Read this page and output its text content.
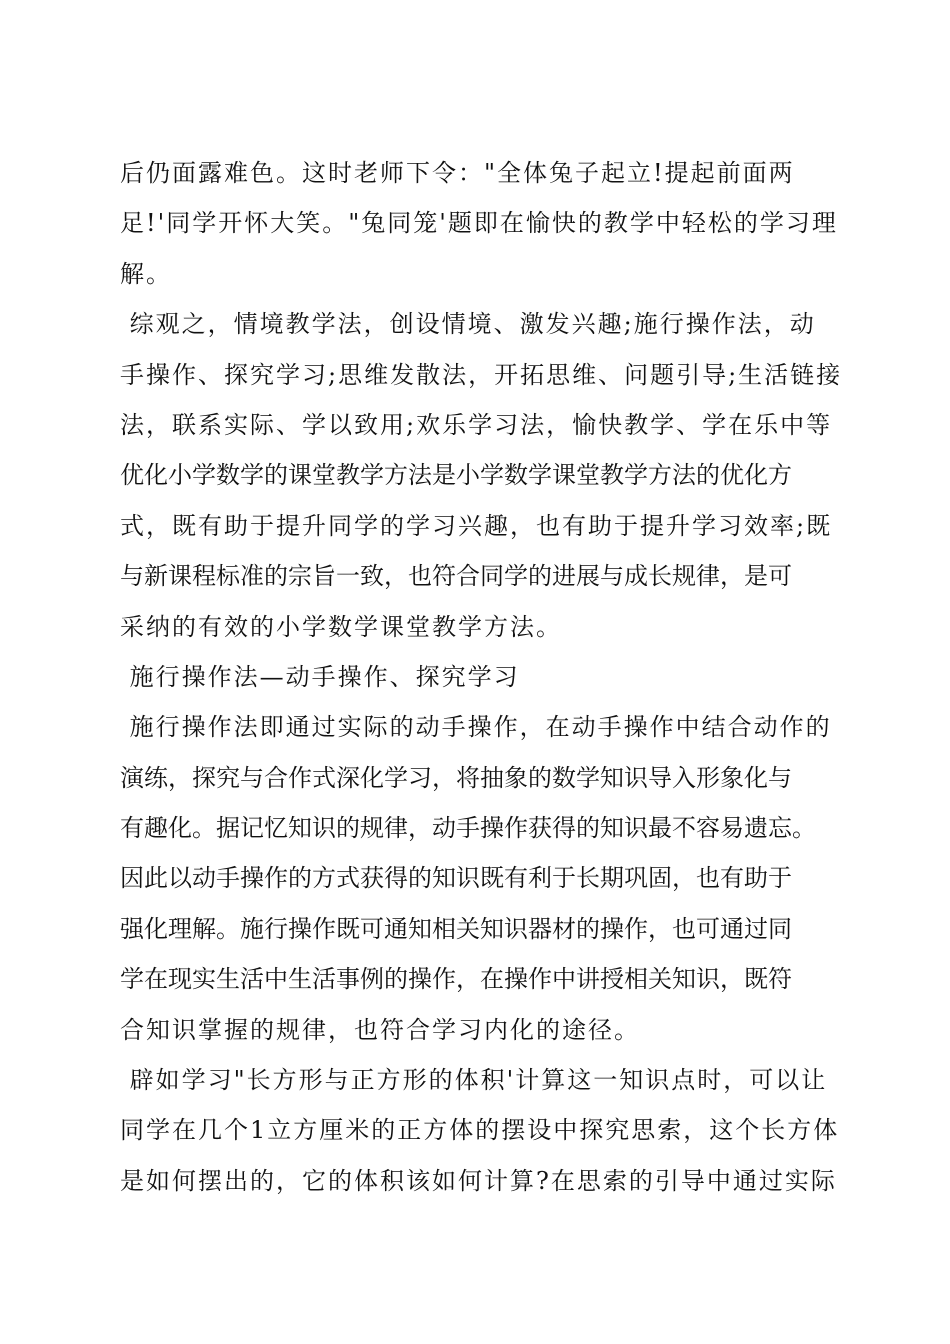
后仍面露难色。这时老师下令："全体兔子起立!提起前面两
足!'同学开怀大笑。"兔同笼'题即在愉快的教学中轻松的学习理
解。
综观之，情境教学法，创设情境、激发兴趣;施行操作法，动
手操作、探究学习;思维发散法，开拓思维、问题引导;生活链接
法，联系实际、学以致用;欢乐学习法，愉快教学、学在乐中等
优化小学数学的课堂教学方法是小学数学课堂教学方法的优化方
式，既有助于提升同学的学习兴趣，也有助于提升学习效率;既
与新课程标准的宗旨一致，也符合同学的进展与成长规律，是可
采纳的有效的小学数学课堂教学方法。
施行操作法—动手操作、探究学习
施行操作法即通过实际的动手操作，在动手操作中结合动作的
演练，探究与合作式深化学习，将抽象的数学知识导入形象化与
有趣化。据记忆知识的规律，动手操作获得的知识最不容易遗忘。
因此以动手操作的方式获得的知识既有利于长期巩固，也有助于
强化理解。施行操作既可通知相关知识器材的操作，也可通过同
学在现实生活中生活事例的操作，在操作中讲授相关知识，既符
合知识掌握的规律，也符合学习内化的途径。
辟如学习"长方形与正方形的体积'计算这一知识点时，可以让
同学在几个1立方厘米的正方体的摆设中探究思索，这个长方体
是如何摆出的，它的体积该如何计算?在思索的引导中通过实际
